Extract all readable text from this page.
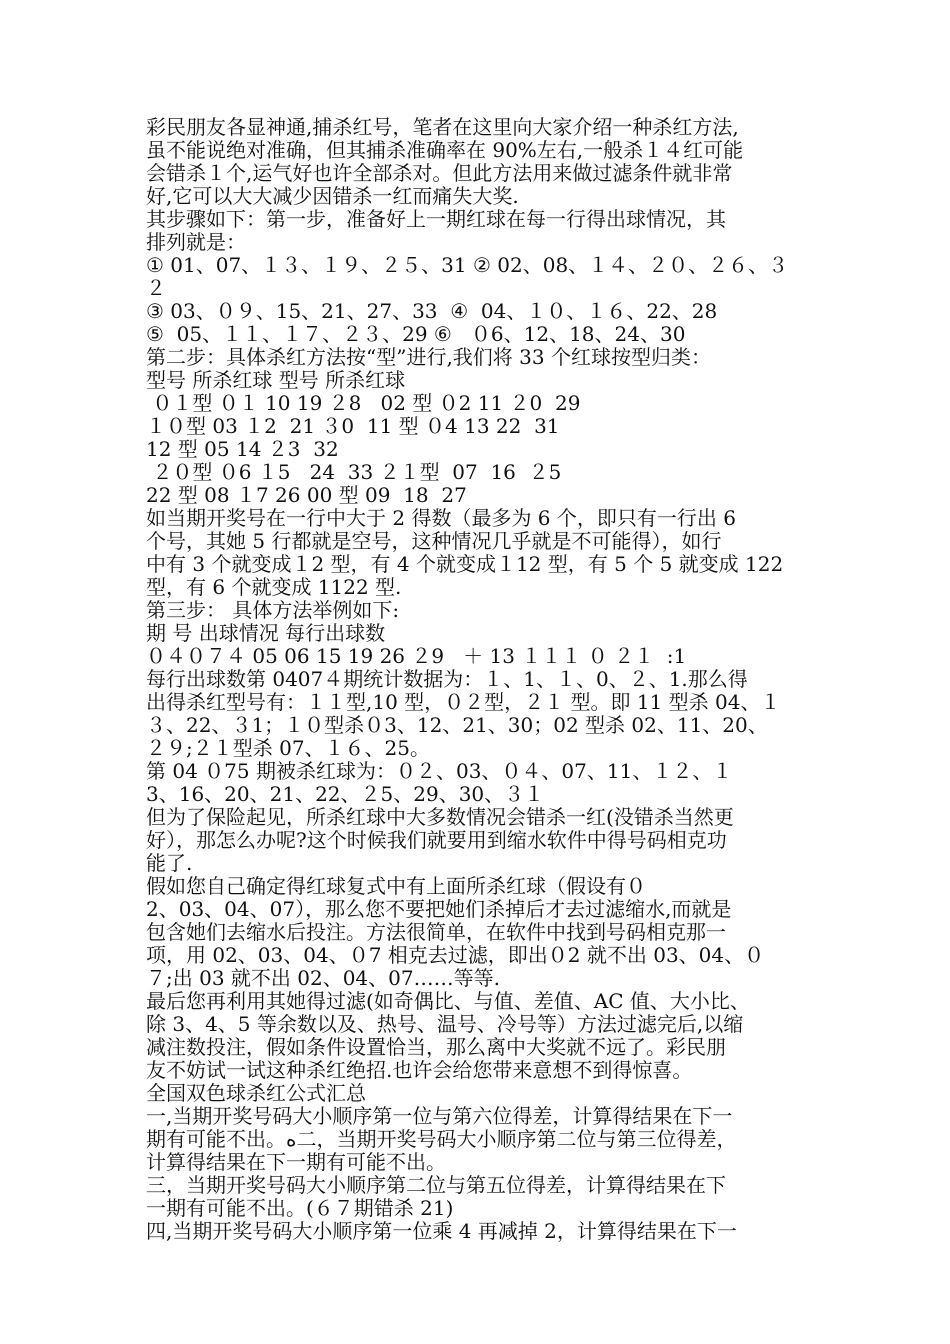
彩民朋友各显神通,捕杀红号，笔者在这里向大家介绍一种杀红方法,
虽不能说绝对准确，但其捕杀准确率在 90%左右,一般杀１４红可能
会错杀１个,运气好也许全部杀对。但此方法用来做过滤条件就非常
好,它可以大大减少因错杀一红而痛失大奖.
其步骤如下：第一步，准备好上一期红球在每一行得出球情况，其
排列就是：
① 01、07、１３、１９、２５、31 ② 02、08、１４、２０、２６、３
２
③ 03、０９、15、21、27、33  ④  04、１０、１６、22、28
⑤  05、１１、１７、２３、29 ⑥   ０6、12、18、24、30
第二步：具体杀红方法按“型”进行,我们将 33 个红球按型归类：
型号 所杀红球 型号 所杀红球
０１型 ０１ 10 19 ２8   02 型 ０2 11 ２0  29
１０型 03 １2  21 ３0  11 型 ０4 13 22  31
12 型 05 14 ２3  32
２０型 ０6 １5   24  33 ２１型  07  16  ２5
22 型 08 １7 26 00 型 09  18  27
如当期开奖号在一行中大于 2 得数（最多为 6 个，即只有一行出 6
个号，其她 5 行都就是空号，这种情况几乎就是不可能得），如行
中有 3 个就变成１2 型，有 4 个就变成１12 型，有 5 个 5 就变成 122
型，有 6 个就变成 1122 型.
第三步： 具体方法举例如下:
期 号 出球情况 每行出球数
０４０７４ 05 06 15 19 26 ２9   ＋ 13 １１１ ０ ２１  :1
每行出球数第 0407４期统计数据为：１、1、１、0、２、1.那么得
出得杀红型号有：１１型,10 型，０２型，２１ 型。即 11 型杀 04、１
３、22、３1；１０型杀０3、12、21、30；02 型杀 02、11、20、
２９;２１型杀 07、１６、25。
第 04 ０75 期被杀红球为：０２、03、０４、07、11、１２、１
3、16、20、21、22、２5、29、30、３１
但为了保险起见，所杀红球中大多数情况会错杀一红(没错杀当然更
好），那怎么办呢?这个时候我们就要用到缩水软件中得号码相克功
能了.
假如您自己确定得红球复式中有上面所杀红球（假设有０
2、03、04、07），那么您不要把她们杀掉后才去过滤缩水,而就是
包含她们去缩水后投注。方法很简单，在软件中找到号码相克那一
项，用 02、03、04、０7 相克去过滤，即出０2 就不出 03、04、０
７;出 03 就不出 02、04、07……等等.
最后您再利用其她得过滤(如奇偶比、与值、差值、AC 值、大小比、
除 3、4、5 等余数以及、热号、温号、冷号等）方法过滤完后,以缩
减注数投注，假如条件设置恰当，那么离中大奖就不远了。彩民朋
友不妨试一试这种杀红绝招.也许会给您带来意想不到得惊喜。
全国双色球杀红公式汇总
一,当期开奖号码大小顺序第一位与第六位得差，计算得结果在下一
期有可能不出。ﻩ二，当期开奖号码大小顺序第二位与第三位得差，
计算得结果在下一期有可能不出。
三，当期开奖号码大小顺序第二位与第五位得差，计算得结果在下
一期有可能不出。(６７期错杀 21)
四,当期开奖号码大小顺序第一位乘 4 再减掉 2，计算得结果在下一
